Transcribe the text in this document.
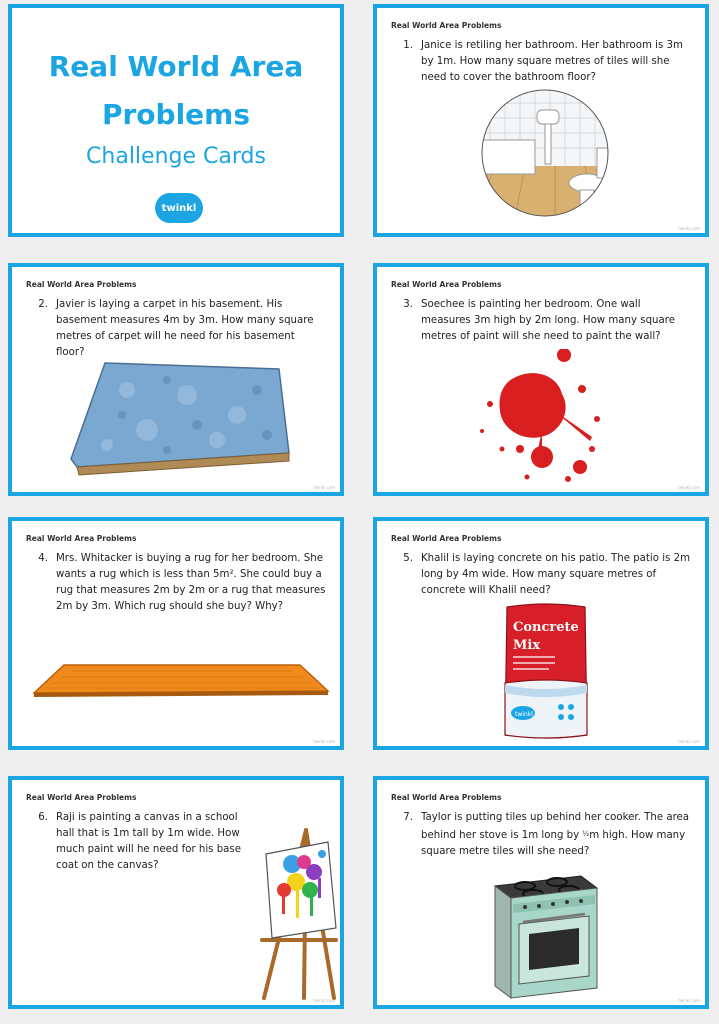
Real World Area
Problems
Challenge Cards
twinkl
Real World Area Problems
1. Janice is retiling her bathroom. Her bathroom is 3m by 1m. How many square metres of tiles will she need to cover the bathroom floor?
twinkl.com
Real World Area Problems
2. Javier is laying a carpet in his basement. His basement measures 4m by 3m. How many square metres of carpet will he need for his basement floor?
twinkl.com
Real World Area Problems
3. Soechee is painting her bedroom. One wall measures 3m high by 2m long. How many square metres of paint will she need to paint the wall?
twinkl.com
Real World Area Problems
4. Mrs. Whitacker is buying a rug for her bedroom. She wants a rug which is less than 5m². She could buy a rug that measures 2m by 2m or a rug that measures 2m by 3m. Which rug should she buy? Why?
twinkl.com
Real World Area Problems
5. Khalil is laying concrete on his patio. The patio is 2m long by 4m wide. How many square metres of concrete will Khalil need?
Concrete
Mix
twinkl
twinkl.com
Real World Area Problems
6. Raji is painting a canvas in a school hall that is 1m tall by 1m wide. How much paint will he need for his base coat on the canvas?
twinkl.com
Real World Area Problems
7. Taylor is putting tiles up behind her cooker. The area behind her stove is 1m long by ½m high. How many square metre tiles will she need?
twinkl.com
